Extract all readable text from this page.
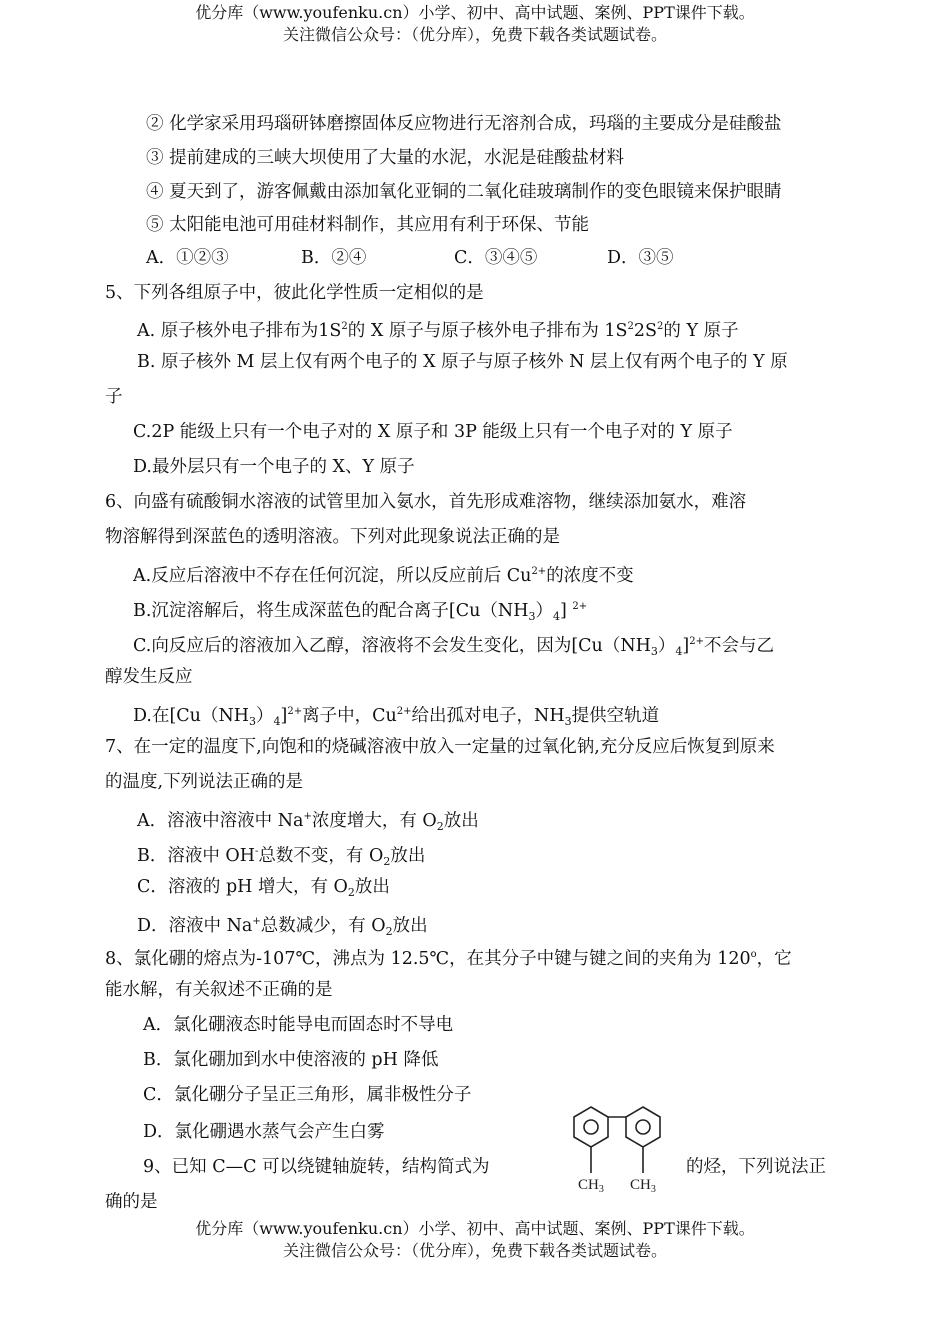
优分库（www.youfenku.cn）小学、初中、高中试题、案例、PPT课件下载。
关注微信公众号：（优分库），免费下载各类试题试卷。
② 化学家采用玛瑙研钵磨擦固体反应物进行无溶剂合成，玛瑙的主要成分是硅酸盐
③ 提前建成的三峡大坝使用了大量的水泥，水泥是硅酸盐材料
④ 夏天到了，游客佩戴由添加氧化亚铜的二氧化硅玻璃制作的变色眼镜来保护眼睛
⑤ 太阳能电池可用硅材料制作，其应用有利于环保、节能
A．①②③	B．②④	C．③④⑤	D．③⑤
5、下列各组原子中，彼此化学性质一定相似的是
A. 原子核外电子排布为$1S^2$的 X 原子与原子核外电子排布为 $1S^22S^2$的 Y 原子
B. 原子核外 M 层上仅有两个电子的 X 原子与原子核外 N 层上仅有两个电子的 Y 原
子
C.2P 能级上只有一个电子对的 X 原子和 3P 能级上只有一个电子对的 Y 原子
D.最外层只有一个电子的 X、Y 原子
6、向盛有硫酸铜水溶液的试管里加入氨水，首先形成难溶物，继续添加氨水，难溶
物溶解得到深蓝色的透明溶液。下列对此现象说法正确的是
A.反应后溶液中不存在任何沉淀，所以反应前后 $Cu^{2+}$的浓度不变
B.沉淀溶解后，将生成深蓝色的配合离子$[Cu(NH_3)_4]$ $^{2+}$
C.向反应后的溶液加入乙醇，溶液将不会发生变化，因为$[Cu(NH_3)_4]^{2+}$不会与乙
醇发生反应
D.在$[Cu(NH_3)_4]^{2+}$离子中，$Cu^{2+}$给出孤对电子，$NH_3$提供空轨道
7、在一定的温度下,向饱和的烧碱溶液中放入一定量的过氧化钠,充分反应后恢复到原来
的温度,下列说法正确的是
A．溶液中溶液中 Na+浓度增大，有 $O_2$放出
B．溶液中 OH-总数不变，有 $O_2$放出
C．溶液的 pH 增大，有 $O_2$放出
D．溶液中 Na+总数减少，有 $O_2$放出
8、氯化硼的熔点为-107℃，沸点为 12.5℃，在其分子中键与键之间的夹角为 120$^o$，它
能水解，有关叙述不正确的是
A．氯化硼液态时能导电而固态时不导电
B．氯化硼加到水中使溶液的 pH 降低
C．氯化硼分子呈正三角形，属非极性分子
D．氯化硼遇水蒸气会产生白雾
9、已知 C—C 可以绕键轴旋转，结构简式为	的烃，下列说法正
确的是
$CH_3$ $CH_3$
优分库（www.youfenku.cn）小学、初中、高中试题、案例、PPT课件下载。
关注微信公众号：（优分库），免费下载各类试题试卷。
